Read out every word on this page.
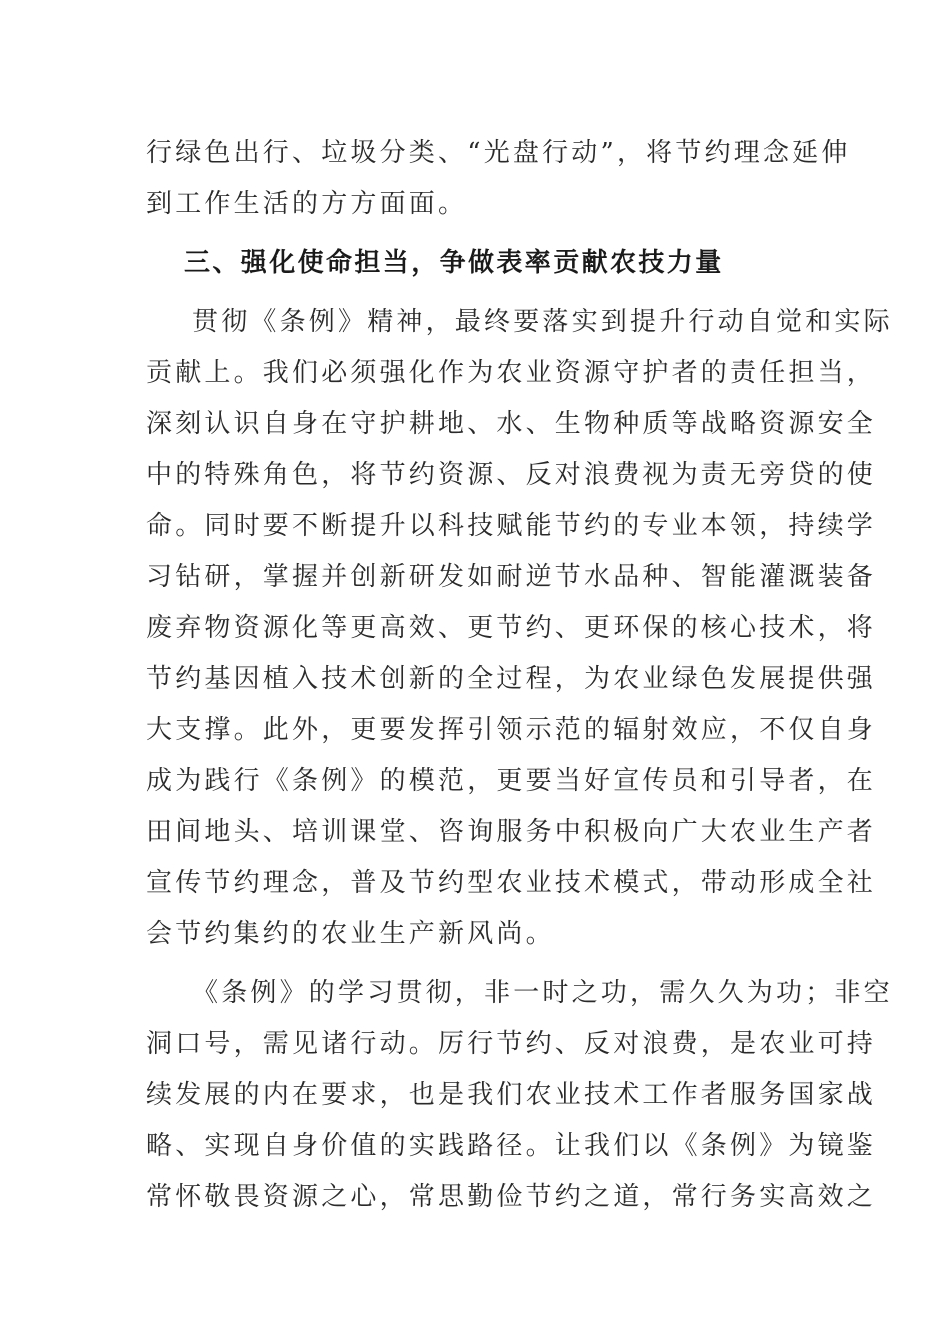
行绿色出行、垃圾分类、“光盘行动”，将节约理念延伸
到工作生活的方方面面。
三、强化使命担当，争做表率贡献农技力量
贯彻《条例》精神，最终要落实到提升行动自觉和实际
贡献上。我们必须强化作为农业资源守护者的责任担当，
深刻认识自身在守护耕地、水、生物种质等战略资源安全
中的特殊角色，将节约资源、反对浪费视为责无旁贷的使
命。同时要不断提升以科技赋能节约的专业本领，持续学
习钻研，掌握并创新研发如耐逆节水品种、智能灌溉装备
废弃物资源化等更高效、更节约、更环保的核心技术，将
节约基因植入技术创新的全过程，为农业绿色发展提供强
大支撑。此外，更要发挥引领示范的辐射效应，不仅自身
成为践行《条例》的模范，更要当好宣传员和引导者，在
田间地头、培训课堂、咨询服务中积极向广大农业生产者
宣传节约理念，普及节约型农业技术模式，带动形成全社
会节约集约的农业生产新风尚。
《条例》的学习贯彻，非一时之功，需久久为功；非空
洞口号，需见诸行动。厉行节约、反对浪费，是农业可持
续发展的内在要求，也是我们农业技术工作者服务国家战
略、实现自身价值的实践路径。让我们以《条例》为镜鉴
常怀敬畏资源之心，常思勤俭节约之道，常行务实高效之
